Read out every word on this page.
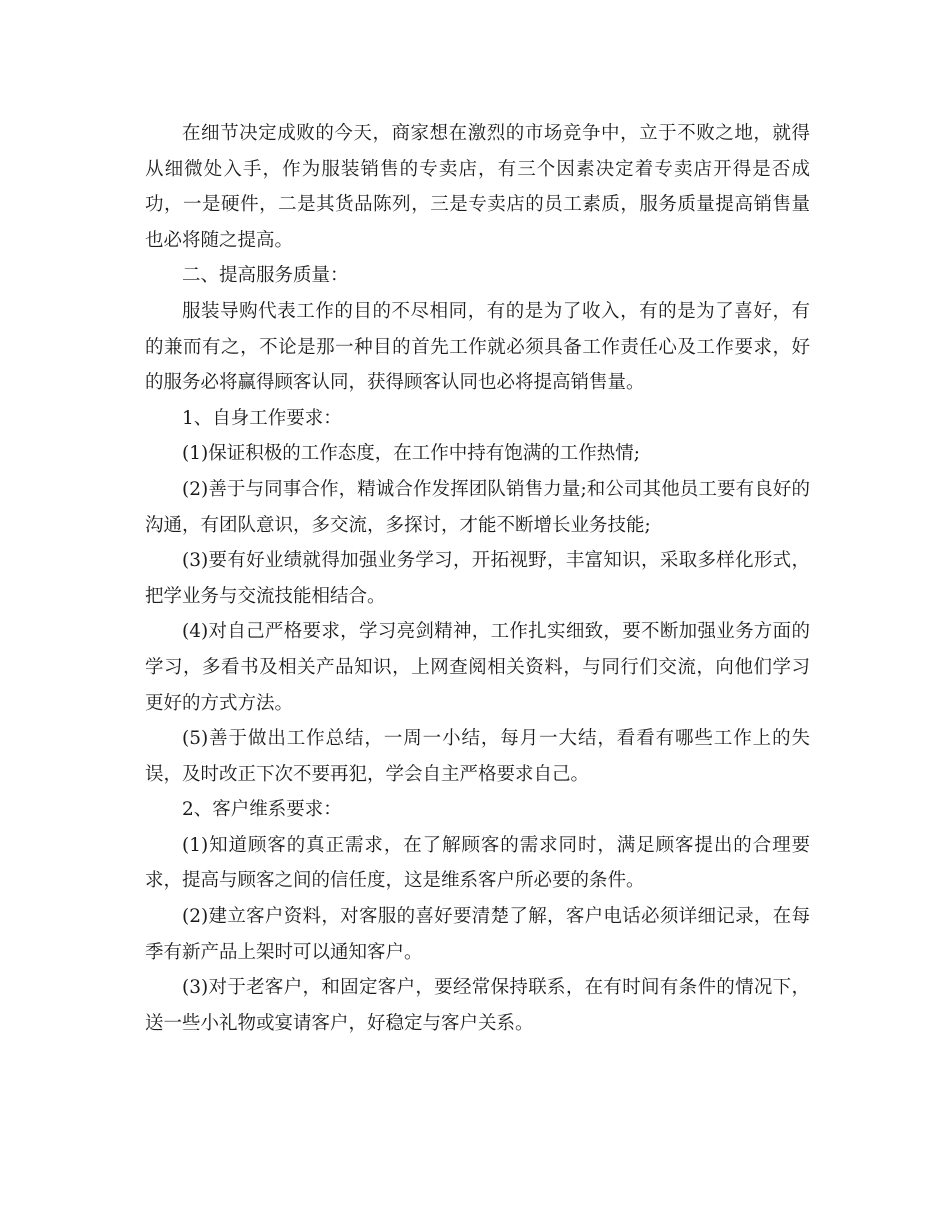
在细节决定成败的今天，商家想在激烈的市场竞争中，立于不败之地，就得从细微处入手，作为服装销售的专卖店，有三个因素决定着专卖店开得是否成功，一是硬件，二是其货品陈列，三是专卖店的员工素质，服务质量提高销售量也必将随之提高。

二、提高服务质量：

服装导购代表工作的目的不尽相同，有的是为了收入，有的是为了喜好，有的兼而有之，不论是那一种目的首先工作就必须具备工作责任心及工作要求，好的服务必将赢得顾客认同，获得顾客认同也必将提高销售量。

1、自身工作要求：

(1)保证积极的工作态度，在工作中持有饱满的工作热情;

(2)善于与同事合作，精诚合作发挥团队销售力量;和公司其他员工要有良好的沟通，有团队意识，多交流，多探讨，才能不断增长业务技能;

(3)要有好业绩就得加强业务学习，开拓视野，丰富知识，采取多样化形式，把学业务与交流技能相结合。

(4)对自己严格要求，学习亮剑精神，工作扎实细致，要不断加强业务方面的学习，多看书及相关产品知识，上网查阅相关资料，与同行们交流，向他们学习更好的方式方法。

(5)善于做出工作总结，一周一小结，每月一大结，看看有哪些工作上的失误，及时改正下次不要再犯，学会自主严格要求自己。

2、客户维系要求：

(1)知道顾客的真正需求，在了解顾客的需求同时，满足顾客提出的合理要求，提高与顾客之间的信任度，这是维系客户所必要的条件。

(2)建立客户资料，对客服的喜好要清楚了解，客户电话必须详细记录，在每季有新产品上架时可以通知客户。

(3)对于老客户，和固定客户，要经常保持联系，在有时间有条件的情况下，送一些小礼物或宴请客户，好稳定与客户关系。
